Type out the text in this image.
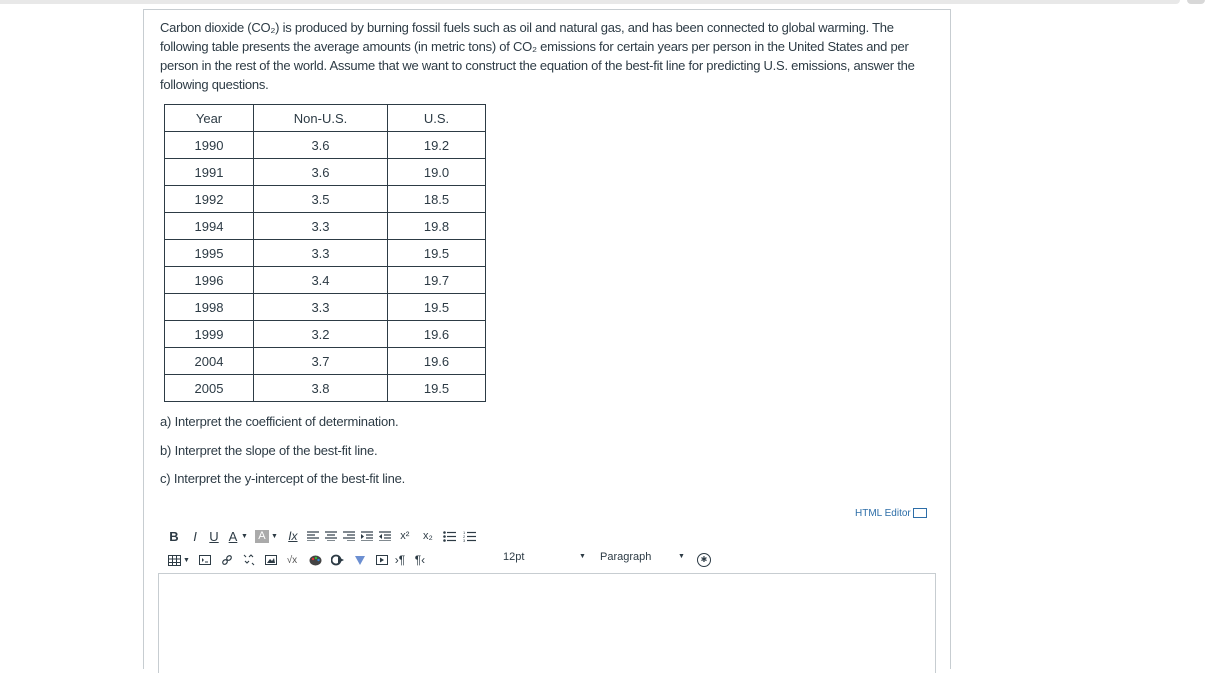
Carbon dioxide (CO₂) is produced by burning fossil fuels such as oil and natural gas, and has been connected to global warming. The following table presents the average amounts (in metric tons) of CO₂ emissions for certain years per person in the United States and per person in the rest of the world. Assume that we want to construct the equation of the best-fit line for predicting U.S. emissions, answer the following questions.
Year	Non-U.S.	U.S.
1990	3.6	19.2
1991	3.6	19.0
1992	3.5	18.5
1994	3.3	19.8
1995	3.3	19.5
1996	3.4	19.7
1998	3.3	19.5
1999	3.2	19.6
2004	3.7	19.6
2005	3.8	19.5
a) Interpret the coefficient of determination.
b) Interpret the slope of the best-fit line.
c) Interpret the y-intercept of the best-fit line.
HTML Editor
B	I U A ▼ A ▼ Ix	x²	x₂	1
2
3
▼	√x	›¶ ¶‹	12pt	▼ Paragraph	▼	✱
